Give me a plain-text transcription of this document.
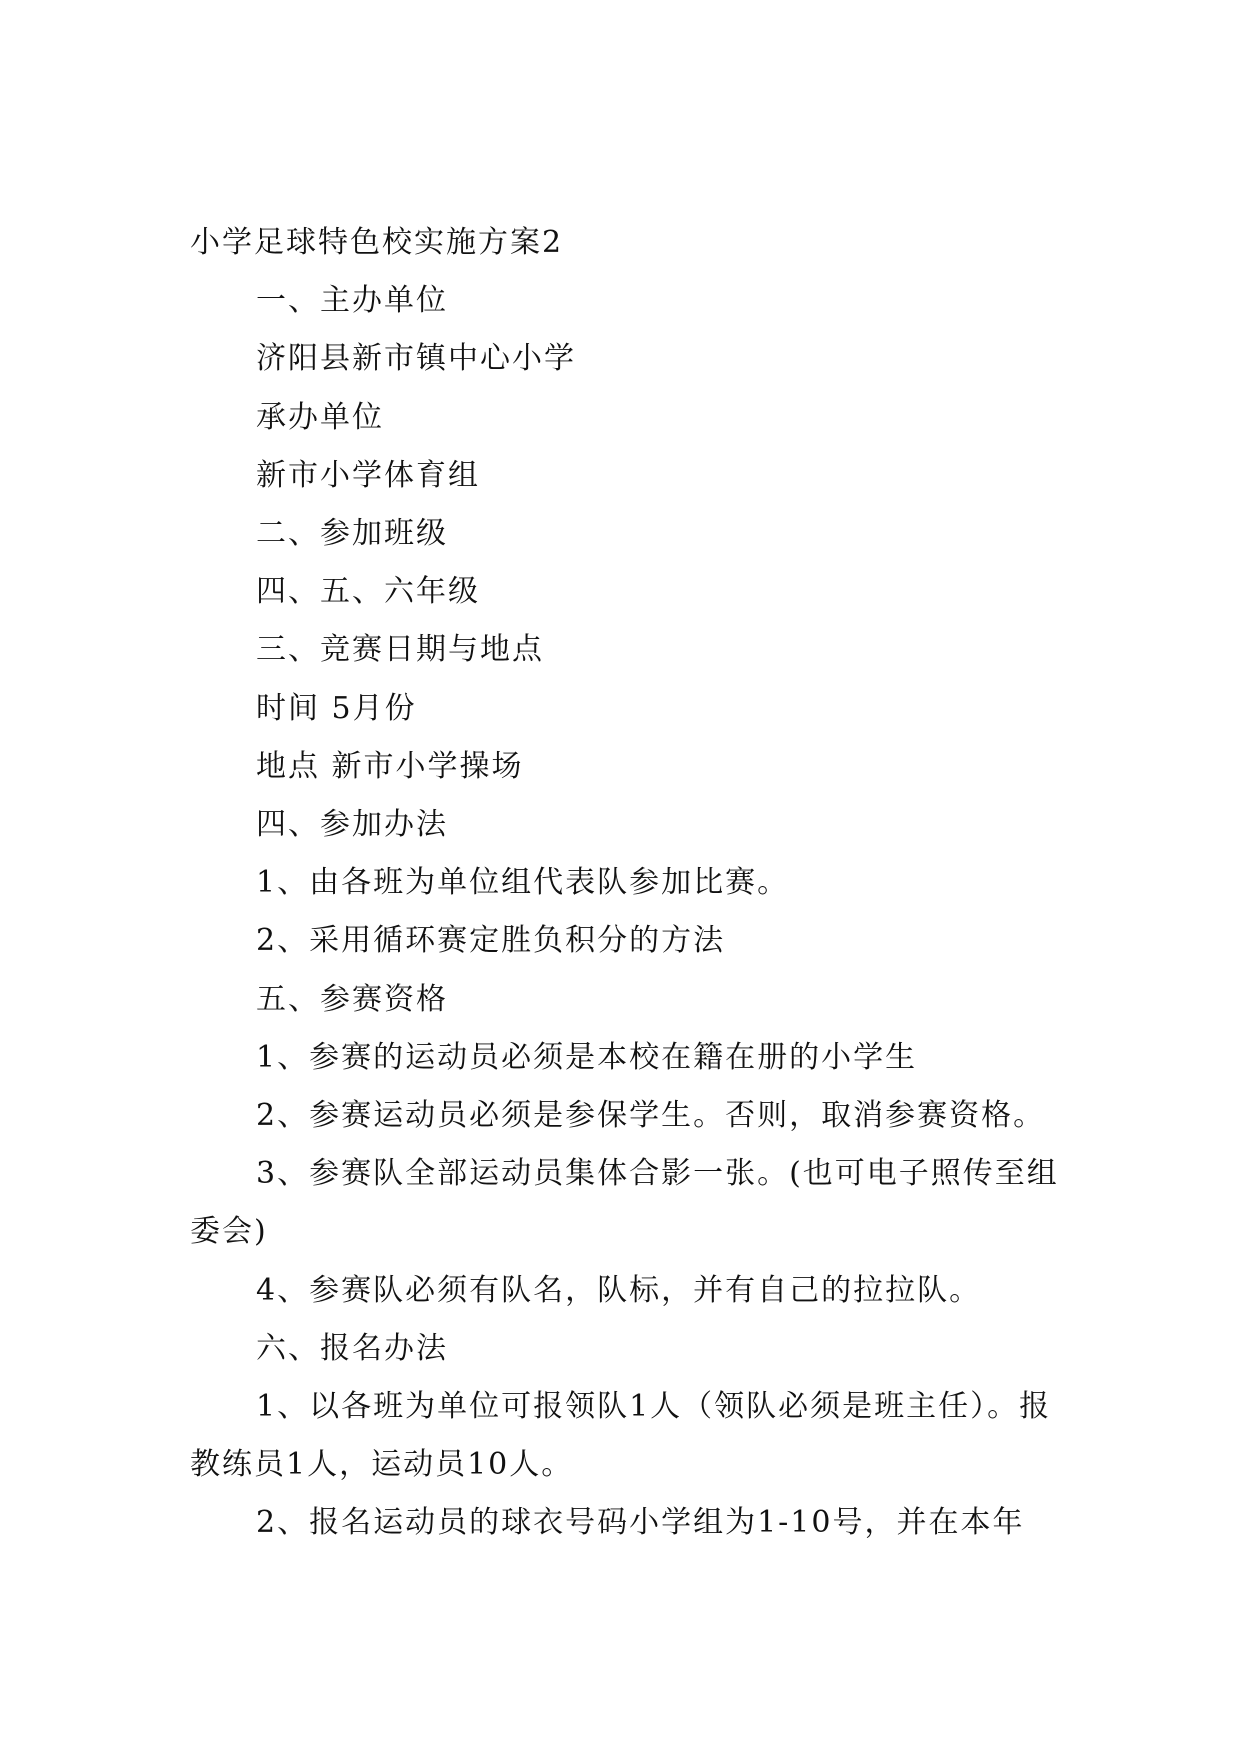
小学足球特色校实施方案2

一、主办单位

济阳县新市镇中心小学

承办单位

新市小学体育组

二、参加班级

四、五、六年级

三、竞赛日期与地点

时间 5月份

地点 新市小学操场

四、参加办法

1、由各班为单位组代表队参加比赛。

2、采用循环赛定胜负积分的方法

五、参赛资格

1、参赛的运动员必须是本校在籍在册的小学生

2、参赛运动员必须是参保学生。否则，取消参赛资格。

3、参赛队全部运动员集体合影一张。(也可电子照传至组委会)

4、参赛队必须有队名，队标，并有自己的拉拉队。

六、报名办法

1、以各班为单位可报领队1人（领队必须是班主任）。报教练员1人，运动员10人。

2、报名运动员的球衣号码小学组为1-10号，并在本年
